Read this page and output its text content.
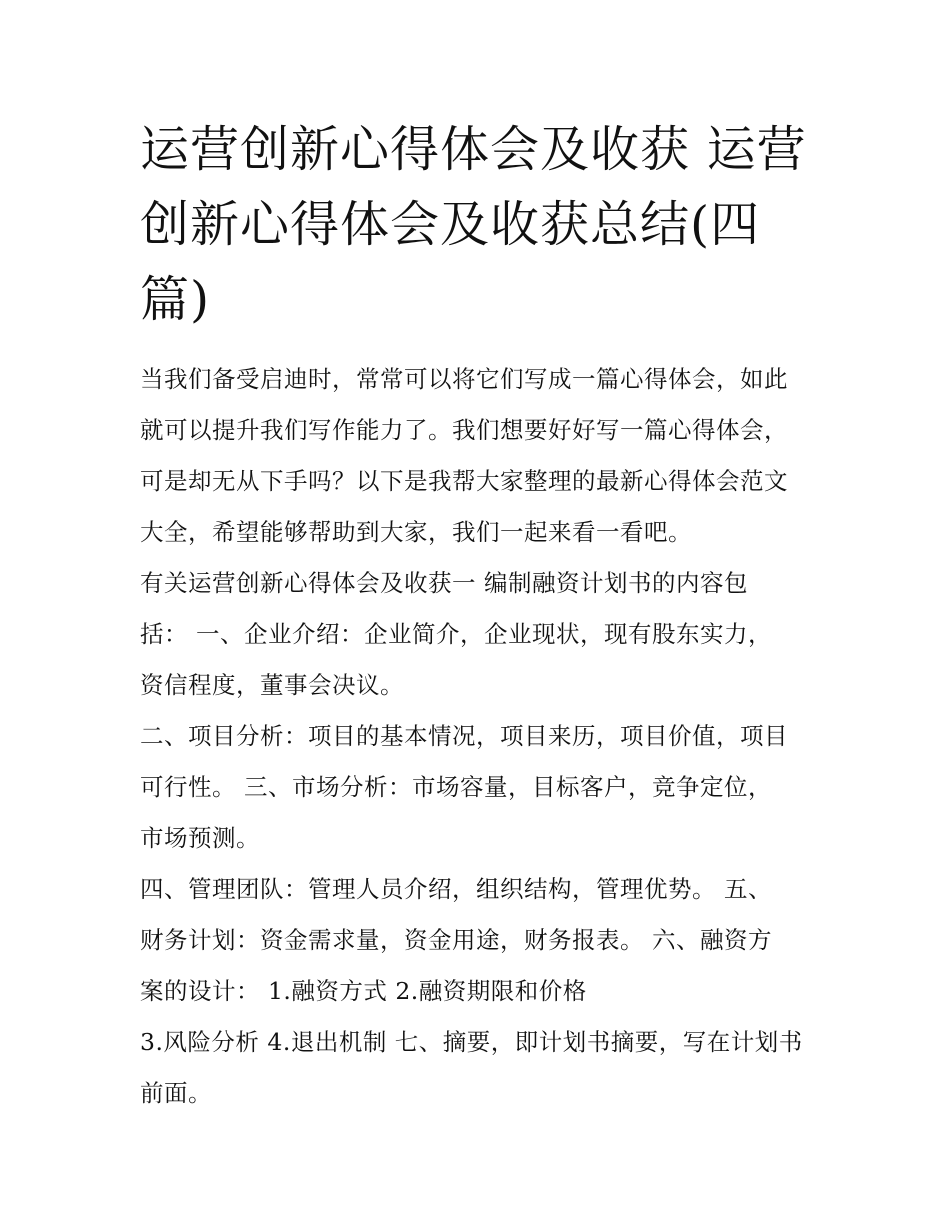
运营创新心得体会及收获 运营
创新心得体会及收获总结(四
篇)
当我们备受启迪时，常常可以将它们写成一篇心得体会，如此
就可以提升我们写作能力了。我们想要好好写一篇心得体会，
可是却无从下手吗？以下是我帮大家整理的最新心得体会范文
大全，希望能够帮助到大家，我们一起来看一看吧。
有关运营创新心得体会及收获一 编制融资计划书的内容包
括： 一、企业介绍：企业简介，企业现状，现有股东实力，
资信程度，董事会决议。
二、项目分析：项目的基本情况，项目来历，项目价值，项目
可行性。 三、市场分析：市场容量，目标客户，竞争定位，
市场预测。
四、管理团队：管理人员介绍，组织结构，管理优势。 五、
财务计划：资金需求量，资金用途，财务报表。 六、融资方
案的设计： 1.融资方式 2.融资期限和价格
3.风险分析 4.退出机制 七、摘要，即计划书摘要，写在计划书
前面。
